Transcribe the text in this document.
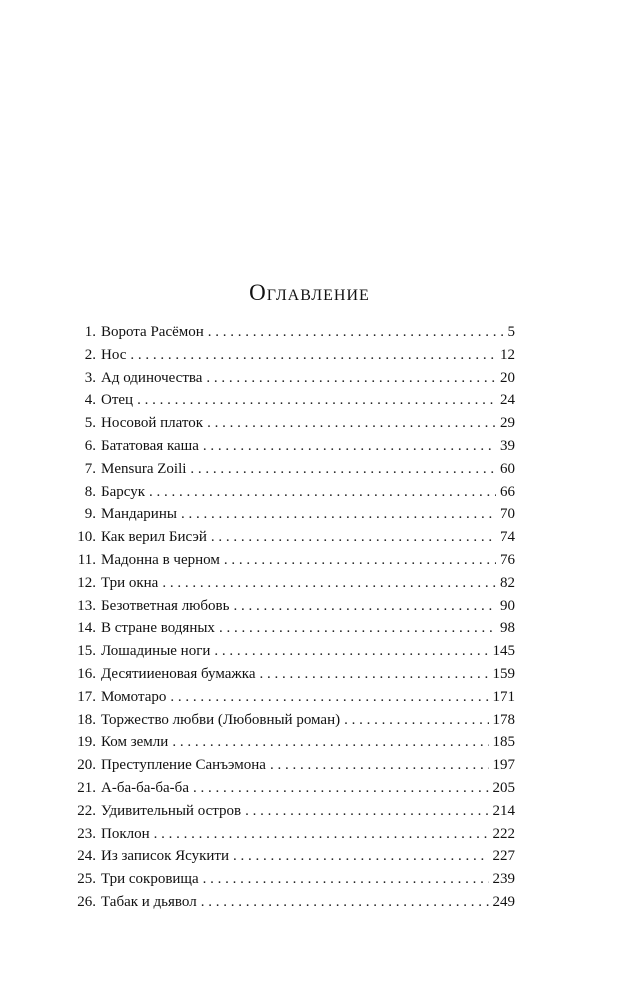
Оглавление
1. Ворота Расёмон . . .	5
2. Нос . . .	12
3. Ад одиночества . . .	20
4. Отец . . .	24
5. Носовой платок . . .	29
6. Бататовая каша . . .	39
7. Mensura Zoili . . .	60
8. Барсук . . .	66
9. Мандарины . . .	70
10. Как верил Бисэй . . .	74
11. Мадонна в черном . . .	76
12. Три окна . . .	82
13. Безответная любовь . . .	90
14. В стране водяных . . .	98
15. Лошадиные ноги . . .	145
16. Десятииеновая бумажка . . .	159
17. Момотаро . . .	171
18. Торжество любви (Любовный роман) . . .	178
19. Ком земли . . .	185
20. Преступление Санъэмона . . .	197
21. А-ба-ба-ба-ба . . .	205
22. Удивительный остров . . .	214
23. Поклон . . .	222
24. Из записок Ясукити . . .	227
25. Три сокровища . . .	239
26. Табак и дьявол . . .	249
